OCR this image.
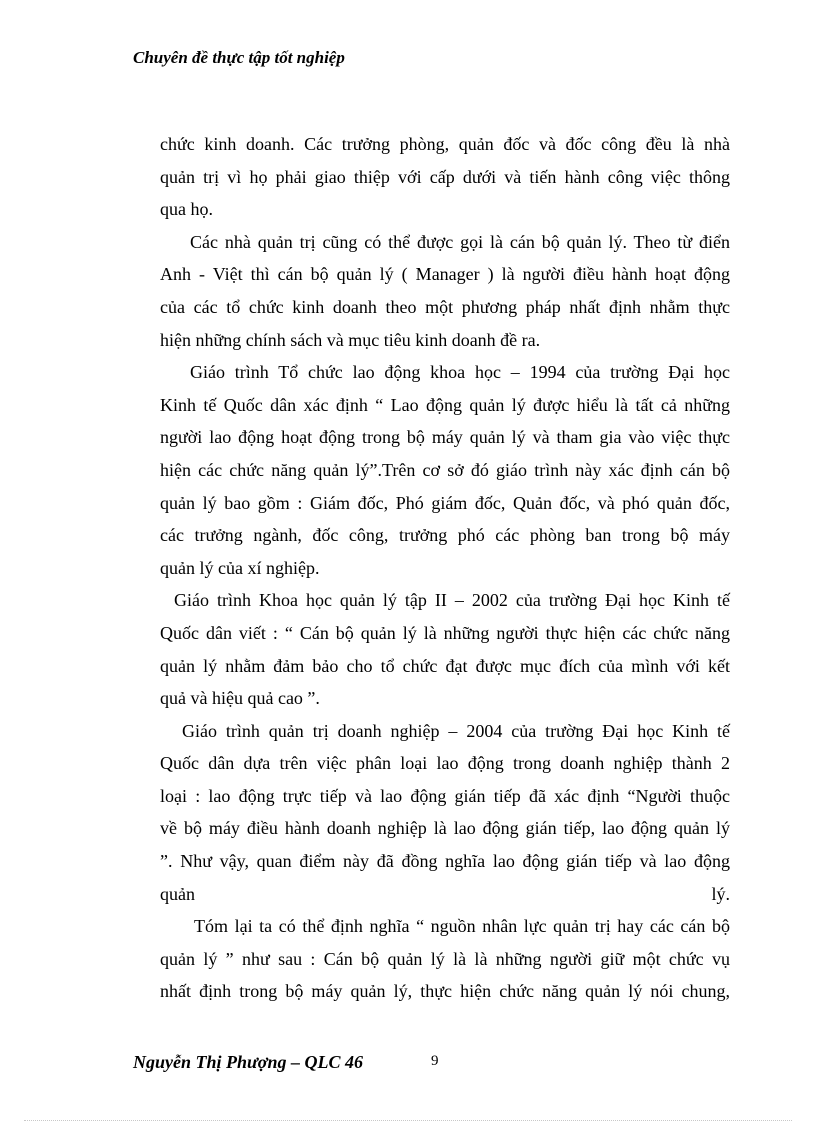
Chuyên đề thực tập tốt nghiệp
chức kinh doanh. Các trưởng phòng, quản đốc và đốc công đều là nhà
quản trị vì họ phải giao thiệp với cấp dưới và tiến hành công việc thông
qua họ.
Các nhà quản trị cũng có thể được gọi là cán bộ quản lý. Theo từ điển
Anh - Việt thì cán bộ quản lý ( Manager ) là người điều hành hoạt động
của các tổ chức kinh doanh theo một phương pháp nhất định nhằm thực
hiện những chính sách và mục tiêu kinh doanh đề ra.
Giáo trình Tổ chức lao động khoa học – 1994 của trường Đại học
Kinh tế Quốc dân xác định “ Lao động quản lý được hiểu là tất cả những
người lao động hoạt động trong bộ máy quản lý và tham gia vào việc thực
hiện các chức năng quản lý”.Trên cơ sở đó giáo trình này xác định cán bộ
quản lý bao gồm : Giám đốc, Phó giám đốc, Quản đốc, và phó quản đốc,
các trưởng ngành, đốc công, trưởng phó các phòng ban trong bộ máy
quản lý của xí nghiệp.
Giáo trình Khoa học quản lý tập II – 2002 của trường Đại học Kinh tế
Quốc dân viết : “ Cán bộ quản lý là những người thực hiện các chức năng
quản lý nhằm đảm bảo cho tổ chức đạt được mục đích của mình với kết
quả và hiệu quả cao ”.
Giáo trình quản trị doanh nghiệp – 2004 của trường Đại học Kinh tế
Quốc dân dựa trên việc phân loại lao động trong doanh nghiệp thành 2
loại : lao động trực tiếp và lao động gián tiếp đã xác định “Người thuộc
về bộ máy điều hành doanh nghiệp là lao động gián tiếp, lao động quản lý
”. Như vậy, quan điểm này đã đồng nghĩa lao động gián tiếp và lao động
quản	lý.
Tóm lại ta có thể định nghĩa “ nguồn nhân lực quản trị hay các cán bộ
quản lý ” như sau : Cán bộ quản lý là là những người giữ một chức vụ
nhất định trong bộ máy quản lý, thực hiện chức năng quản lý nói chung,
Nguyễn Thị Phượng – QLC 46	9
